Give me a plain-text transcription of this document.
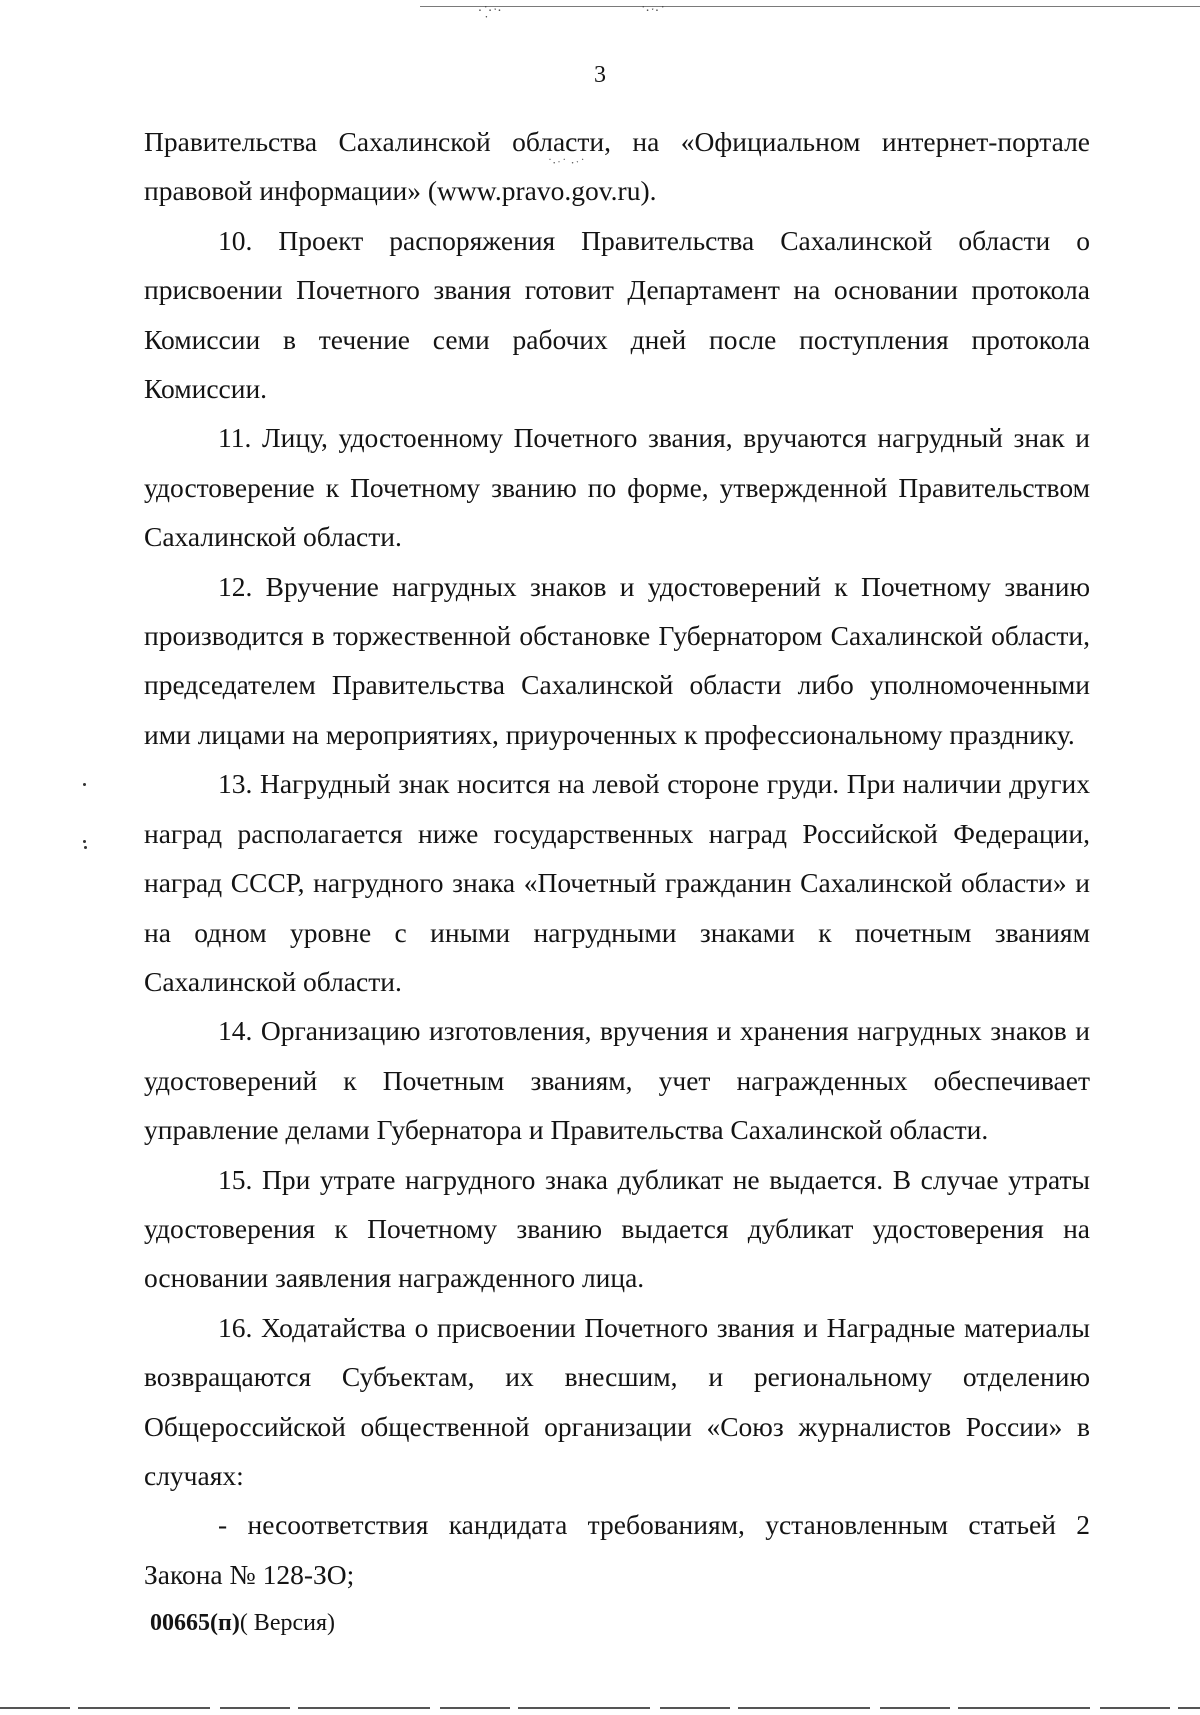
·˙̣·ˑ·	˙·ˑ·˙
3
˙·ˑ˙ ·ˑ˙

Правительства Сахалинской области, на «Официальном интернет-портале правовой информации» (www.pravo.gov.ru).

10. Проект распоряжения Правительства Сахалинской области о присвоении Почетного звания готовит Департамент на основании протокола Комиссии в течение семи рабочих дней после поступления протокола Комиссии.

11. Лицу, удостоенному Почетного звания, вручаются нагрудный знак и удостоверение к Почетному званию по форме, утвержденной Правительством Сахалинской области.

12. Вручение нагрудных знаков и удостоверений к Почетному званию производится в торжественной обстановке Губернатором Сахалинской области, председателем Правительства Сахалинской области либо уполномоченными ими лицами на мероприятиях, приуроченных к профессиональному празднику.

13. Нагрудный знак носится на левой стороне груди. При наличии других наград располагается ниже государственных наград Российской Федерации, наград СССР, нагрудного знака «Почетный гражданин Сахалинской области» и на одном уровне с иными нагрудными знаками к почетным званиям Сахалинской области.

14. Организацию изготовления, вручения и хранения нагрудных знаков и удостоверений к Почетным званиям, учет награжденных обеспечивает управление делами Губернатора и Правительства Сахалинской области.

15. При утрате нагрудного знака дубликат не выдается. В случае утраты удостоверения к Почетному званию выдается дубликат удостоверения на основании заявления награжденного лица.

16. Ходатайства о присвоении Почетного звания и Наградные материалы возвращаются Субъектам, их внесшим, и региональному отделению Общероссийской общественной организации «Союз журналистов России» в случаях:

- несоответствия кандидата требованиям, установленным статьей 2 Закона № 128-ЗО;

00665(п)( Версия)
